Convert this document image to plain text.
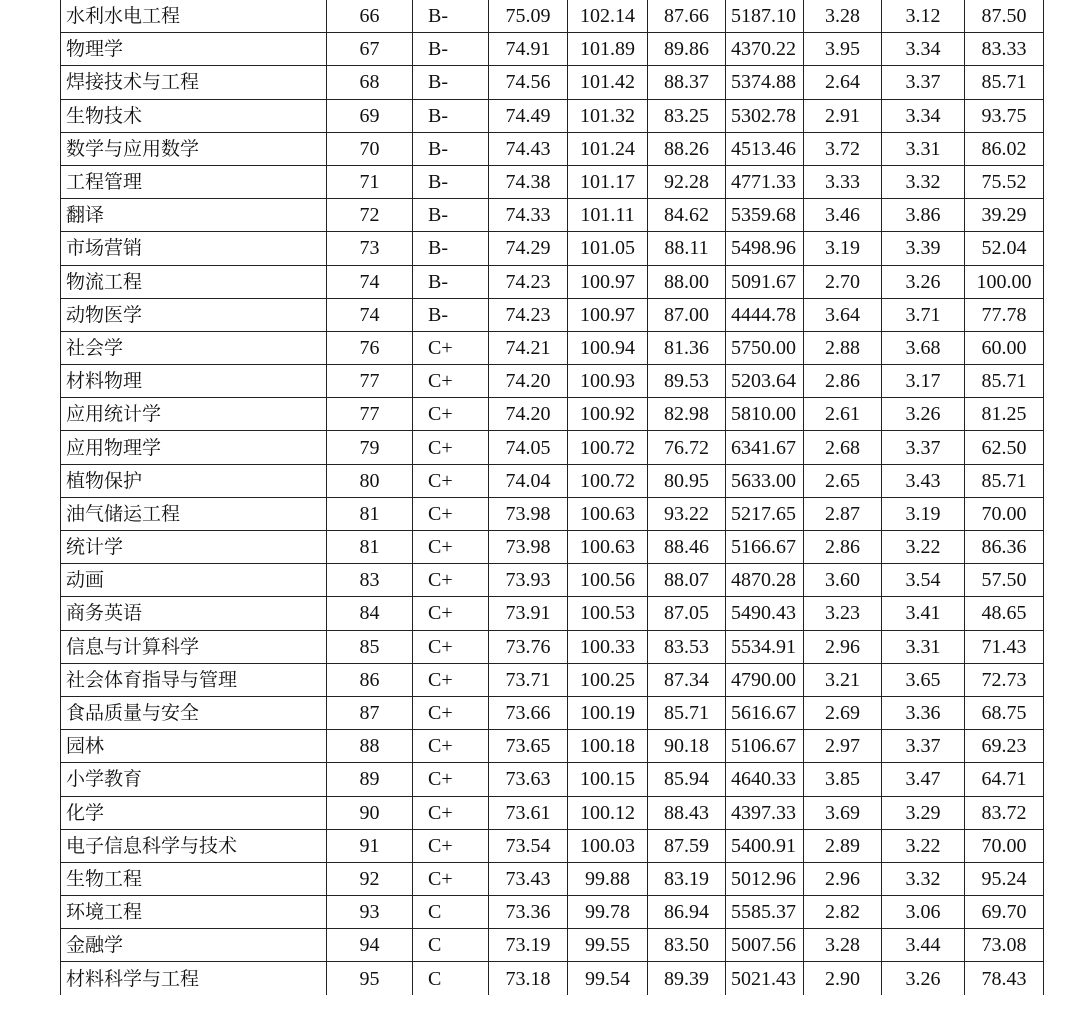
水利水电工程	66	B-	75.09	102.14	87.66	5187.10	3.28	3.12	87.50
物理学	67	B-	74.91	101.89	89.86	4370.22	3.95	3.34	83.33
焊接技术与工程	68	B-	74.56	101.42	88.37	5374.88	2.64	3.37	85.71
生物技术	69	B-	74.49	101.32	83.25	5302.78	2.91	3.34	93.75
数学与应用数学	70	B-	74.43	101.24	88.26	4513.46	3.72	3.31	86.02
工程管理	71	B-	74.38	101.17	92.28	4771.33	3.33	3.32	75.52
翻译	72	B-	74.33	101.11	84.62	5359.68	3.46	3.86	39.29
市场营销	73	B-	74.29	101.05	88.11	5498.96	3.19	3.39	52.04
物流工程	74	B-	74.23	100.97	88.00	5091.67	2.70	3.26	100.00
动物医学	74	B-	74.23	100.97	87.00	4444.78	3.64	3.71	77.78
社会学	76	C+	74.21	100.94	81.36	5750.00	2.88	3.68	60.00
材料物理	77	C+	74.20	100.93	89.53	5203.64	2.86	3.17	85.71
应用统计学	77	C+	74.20	100.92	82.98	5810.00	2.61	3.26	81.25
应用物理学	79	C+	74.05	100.72	76.72	6341.67	2.68	3.37	62.50
植物保护	80	C+	74.04	100.72	80.95	5633.00	2.65	3.43	85.71
油气储运工程	81	C+	73.98	100.63	93.22	5217.65	2.87	3.19	70.00
统计学	81	C+	73.98	100.63	88.46	5166.67	2.86	3.22	86.36
动画	83	C+	73.93	100.56	88.07	4870.28	3.60	3.54	57.50
商务英语	84	C+	73.91	100.53	87.05	5490.43	3.23	3.41	48.65
信息与计算科学	85	C+	73.76	100.33	83.53	5534.91	2.96	3.31	71.43
社会体育指导与管理	86	C+	73.71	100.25	87.34	4790.00	3.21	3.65	72.73
食品质量与安全	87	C+	73.66	100.19	85.71	5616.67	2.69	3.36	68.75
园林	88	C+	73.65	100.18	90.18	5106.67	2.97	3.37	69.23
小学教育	89	C+	73.63	100.15	85.94	4640.33	3.85	3.47	64.71
化学	90	C+	73.61	100.12	88.43	4397.33	3.69	3.29	83.72
电子信息科学与技术	91	C+	73.54	100.03	87.59	5400.91	2.89	3.22	70.00
生物工程	92	C+	73.43	99.88	83.19	5012.96	2.96	3.32	95.24
环境工程	93	C	73.36	99.78	86.94	5585.37	2.82	3.06	69.70
金融学	94	C	73.19	99.55	83.50	5007.56	3.28	3.44	73.08
材料科学与工程	95	C	73.18	99.54	89.39	5021.43	2.90	3.26	78.43
